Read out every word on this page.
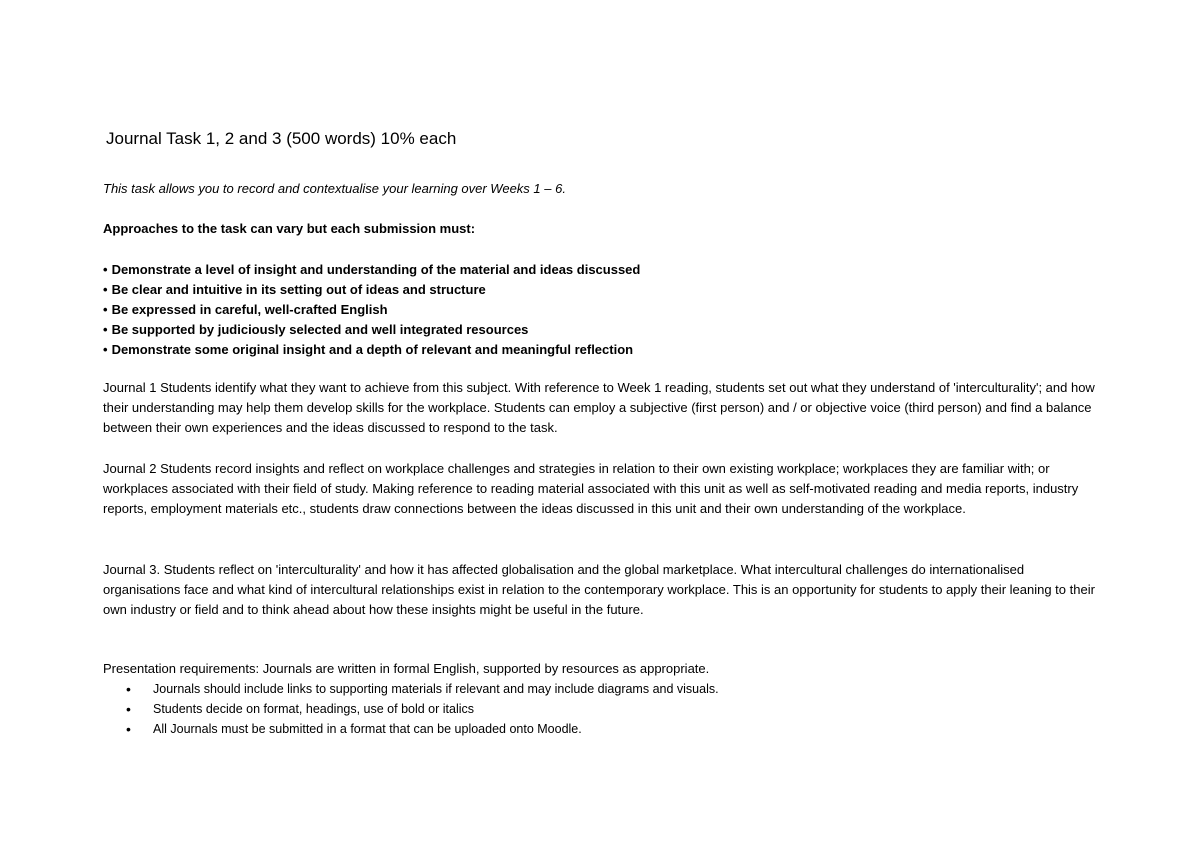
Journal Task 1, 2 and 3 (500 words) 10% each

This task allows you to record and contextualise your learning over Weeks 1 – 6.

Approaches to the task can vary but each submission must:

• Demonstrate a level of insight and understanding of the material and ideas discussed
• Be clear and intuitive in its setting out of ideas and structure
• Be expressed in careful, well-crafted English
• Be supported by judiciously selected and well integrated resources
• Demonstrate some original insight and a depth of relevant and meaningful reflection

Journal 1 Students identify what they want to achieve from this subject. With reference to Week 1 reading, students set out what they understand of 'interculturality'; and how their understanding may help them develop skills for the workplace. Students can employ a subjective (first person) and / or objective voice (third person) and find a balance between their own experiences and the ideas discussed to respond to the task.

Journal 2 Students record insights and reflect on workplace challenges and strategies in relation to their own existing workplace; workplaces they are familiar with; or workplaces associated with their field of study. Making reference to reading material associated with this unit as well as self-motivated reading and media reports, industry reports, employment materials etc., students draw connections between the ideas discussed in this unit and their own understanding of the workplace.

Journal 3. Students reflect on 'interculturality' and how it has affected globalisation and the global marketplace. What intercultural challenges do internationalised organisations face and what kind of intercultural relationships exist in relation to the contemporary workplace. This is an opportunity for students to apply their leaning to their own industry or field and to think ahead about how these insights might be useful in the future.

Presentation requirements: Journals are written in formal English, supported by resources as appropriate.

• Journals should include links to supporting materials if relevant and may include diagrams and visuals.
• Students decide on format, headings, use of bold or italics
• All Journals must be submitted in a format that can be uploaded onto Moodle.
